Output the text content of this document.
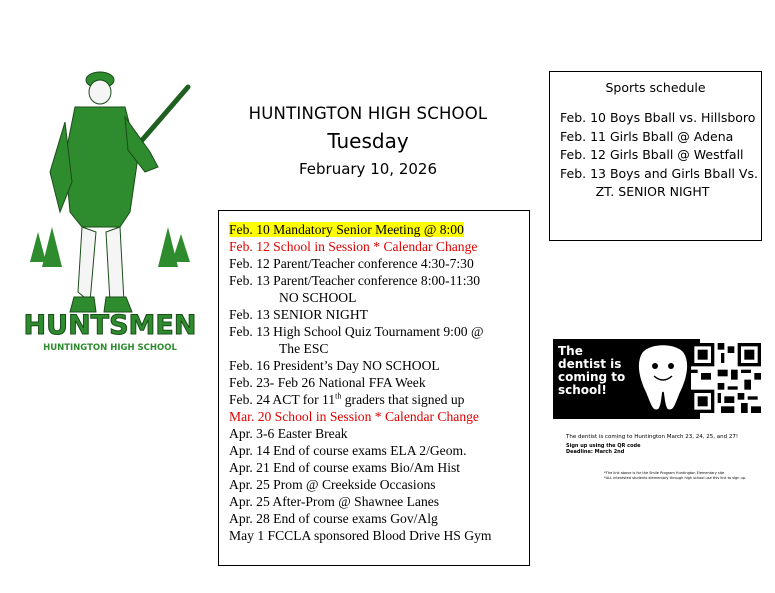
HUNTSMEN
HUNTINGTON HIGH SCHOOL
HUNTINGTON HIGH SCHOOL
Tuesday
February 10, 2026
Sports schedule
Feb. 10 Boys Bball vs. Hillsboro
Feb. 11 Girls Bball @ Adena
Feb. 12 Girls Bball @ Westfall
Feb. 13 Boys and Girls Bball Vs.
ZT. SENIOR NIGHT
Feb. 10 Mandatory Senior Meeting @ 8:00
Feb. 12 School in Session * Calendar Change
Feb. 12 Parent/Teacher conference 4:30-7:30
Feb. 13 Parent/Teacher conference 8:00-11:30
NO SCHOOL
Feb. 13 SENIOR NIGHT
Feb. 13 High School Quiz Tournament 9:00 @
The ESC
Feb. 16 President’s Day NO SCHOOL
Feb. 23- Feb 26 National FFA Week
Feb. 24 ACT for 11th graders that signed up
Mar. 20 School in Session * Calendar Change
Apr. 3-6 Easter Break
Apr. 14 End of course exams ELA 2/Geom.
Apr. 21 End of course exams Bio/Am Hist
Apr. 25 Prom @ Creekside Occasions
Apr. 25 After-Prom @ Shawnee Lanes
Apr. 28 End of course exams Gov/Alg
May 1 FCCLA sponsored Blood Drive HS Gym
The dentist is coming to school!
Sign up at www.MySchoolDentist.com
The dentist is coming to Huntington March 23, 24, 25, and 27!
Sign up using the QR code
Deadline: March 2nd
*The link above is for the Smile Program Huntington Elementary site.
*ALL interested students elementary through high school use this link to sign up.
